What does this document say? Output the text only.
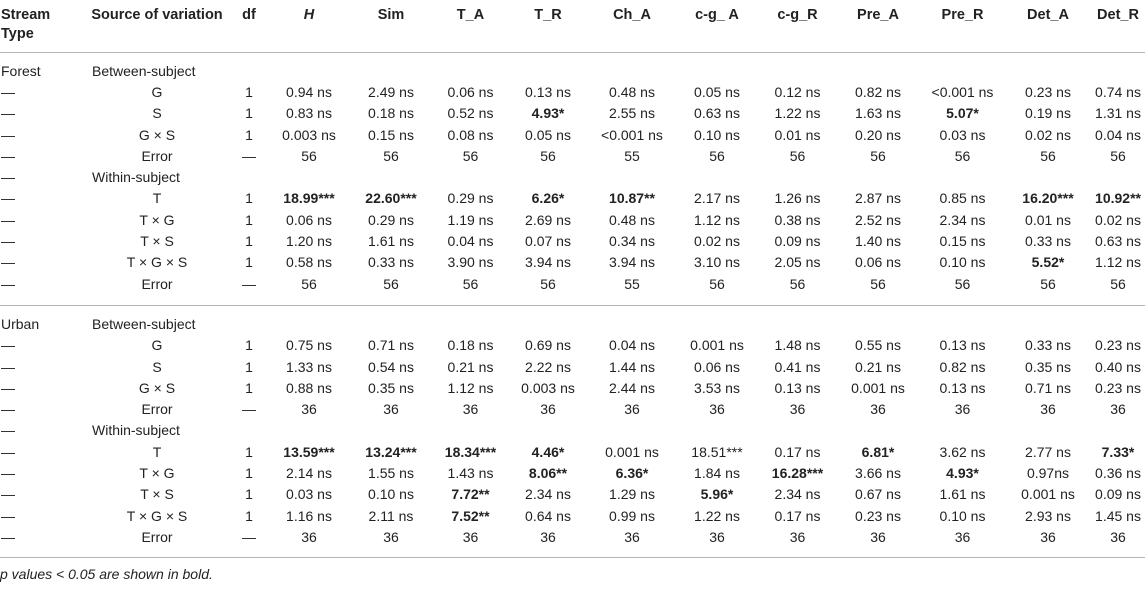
Stream Type	Source of variation	df	H	Sim	T_A	T_R	Ch_A	c-g_ A	c-g_R	Pre_A	Pre_R	Det_A	Det_R
Forest	Between-subject												
—	G	1	0.94 ns	2.49 ns	0.06 ns	0.13 ns	0.48 ns	0.05 ns	0.12 ns	0.82 ns	<0.001 ns	0.23 ns	0.74 ns
—	S	1	0.83 ns	0.18 ns	0.52 ns	4.93*	2.55 ns	0.63 ns	1.22 ns	1.63 ns	5.07*	0.19 ns	1.31 ns
—	G × S	1	0.003 ns	0.15 ns	0.08 ns	0.05 ns	<0.001 ns	0.10 ns	0.01 ns	0.20 ns	0.03 ns	0.02 ns	0.04 ns
—	Error	—	56	56	56	56	55	56	56	56	56	56	56
—	Within-subject												
—	T	1	18.99***	22.60***	0.29 ns	6.26*	10.87**	2.17 ns	1.26 ns	2.87 ns	0.85 ns	16.20***	10.92**
—	T × G	1	0.06 ns	0.29 ns	1.19 ns	2.69 ns	0.48 ns	1.12 ns	0.38 ns	2.52 ns	2.34 ns	0.01 ns	0.02 ns
—	T × S	1	1.20 ns	1.61 ns	0.04 ns	0.07 ns	0.34 ns	0.02 ns	0.09 ns	1.40 ns	0.15 ns	0.33 ns	0.63 ns
—	T × G × S	1	0.58 ns	0.33 ns	3.90 ns	3.94 ns	3.94 ns	3.10 ns	2.05 ns	0.06 ns	0.10 ns	5.52*	1.12 ns
—	Error	—	56	56	56	56	55	56	56	56	56	56	56
Urban	Between-subject												
—	G	1	0.75 ns	0.71 ns	0.18 ns	0.69 ns	0.04 ns	0.001 ns	1.48 ns	0.55 ns	0.13 ns	0.33 ns	0.23 ns
—	S	1	1.33 ns	0.54 ns	0.21 ns	2.22 ns	1.44 ns	0.06 ns	0.41 ns	0.21 ns	0.82 ns	0.35 ns	0.40 ns
—	G × S	1	0.88 ns	0.35 ns	1.12 ns	0.003 ns	2.44 ns	3.53 ns	0.13 ns	0.001 ns	0.13 ns	0.71 ns	0.23 ns
—	Error	—	36	36	36	36	36	36	36	36	36	36	36
—	Within-subject												
—	T	1	13.59***	13.24***	18.34***	4.46*	0.001 ns	18.51***	0.17 ns	6.81*	3.62 ns	2.77 ns	7.33*
—	T × G	1	2.14 ns	1.55 ns	1.43 ns	8.06**	6.36*	1.84 ns	16.28***	3.66 ns	4.93*	0.97ns	0.36 ns
—	T × S	1	0.03 ns	0.10 ns	7.72**	2.34 ns	1.29 ns	5.96*	2.34 ns	0.67 ns	1.61 ns	0.001 ns	0.09 ns
—	T × G × S	1	1.16 ns	2.11 ns	7.52**	0.64 ns	0.99 ns	1.22 ns	0.17 ns	0.23 ns	0.10 ns	2.93 ns	1.45 ns
—	Error	—	36	36	36	36	36	36	36	36	36	36	36

p values < 0.05 are shown in bold.
